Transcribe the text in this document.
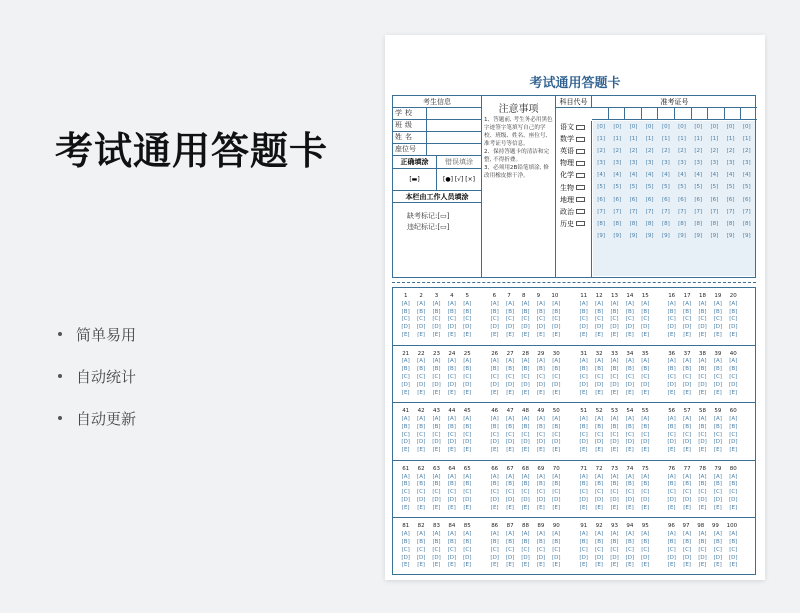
考试通用答题卡
简单易用
自动统计
自动更新
考试通用答题卡
考生信息
学校
班级
姓名
座位号
正确填涂	错误填涂
[▬]	[●] [√] [×]
本栏由工作人员填涂
缺考标记:[▭]
违纪标记:[▭]
注意事项
1、答题前, 考生务必用黑色字迹签字笔填写自己的学校、班级、姓名、座位号、准考证号等信息。
2、保持答题卡的清洁和完整, 不得折叠。
3、必须用2B铅笔填涂, 修改用橡皮擦干净。
科目代号	准考证号
语文
数学
英语
物理
化学
生物
地理
政治
历史
[0] [0] [0] [0] [0] [0] [0] [0] [0] [0]
[1] [1] [1] [1] [1] [1] [1] [1] [1] [1]
[2] [2] [2] [2] [2] [2] [2] [2] [2] [2]
[3] [3] [3] [3] [3] [3] [3] [3] [3] [3]
[4] [4] [4] [4] [4] [4] [4] [4] [4] [4]
[5] [5] [5] [5] [5] [5] [5] [5] [5] [5]
[6] [6] [6] [6] [6] [6] [6] [6] [6] [6]
[7] [7] [7] [7] [7] [7] [7] [7] [7] [7]
[8] [8] [8] [8] [8] [8] [8] [8] [8] [8]
[9] [9] [9] [9] [9] [9] [9] [9] [9] [9]
1 2 3 4 5
[A] [A] [A] [A] [A]
[B] [B] [B] [B] [B]
[C] [C] [C] [C] [C]
[D] [D] [D] [D] [D]
[E] [E] [E] [E] [E]
6 7 8 9 10
[A] [A] [A] [A] [A]
[B] [B] [B] [B] [B]
[C] [C] [C] [C] [C]
[D] [D] [D] [D] [D]
[E] [E] [E] [E] [E]
11 12 13 14 15
[A] [A] [A] [A] [A]
[B] [B] [B] [B] [B]
[C] [C] [C] [C] [C]
[D] [D] [D] [D] [D]
[E] [E] [E] [E] [E]
16 17 18 19 20
[A] [A] [A] [A] [A]
[B] [B] [B] [B] [B]
[C] [C] [C] [C] [C]
[D] [D] [D] [D] [D]
[E] [E] [E] [E] [E]
21 22 23 24 25
[A] [A] [A] [A] [A]
[B] [B] [B] [B] [B]
[C] [C] [C] [C] [C]
[D] [D] [D] [D] [D]
[E] [E] [E] [E] [E]
26 27 28 29 30
[A] [A] [A] [A] [A]
[B] [B] [B] [B] [B]
[C] [C] [C] [C] [C]
[D] [D] [D] [D] [D]
[E] [E] [E] [E] [E]
31 32 33 34 35
[A] [A] [A] [A] [A]
[B] [B] [B] [B] [B]
[C] [C] [C] [C] [C]
[D] [D] [D] [D] [D]
[E] [E] [E] [E] [E]
36 37 38 39 40
[A] [A] [A] [A] [A]
[B] [B] [B] [B] [B]
[C] [C] [C] [C] [C]
[D] [D] [D] [D] [D]
[E] [E] [E] [E] [E]
41 42 43 44 45
[A] [A] [A] [A] [A]
[B] [B] [B] [B] [B]
[C] [C] [C] [C] [C]
[D] [D] [D] [D] [D]
[E] [E] [E] [E] [E]
46 47 48 49 50
[A] [A] [A] [A] [A]
[B] [B] [B] [B] [B]
[C] [C] [C] [C] [C]
[D] [D] [D] [D] [D]
[E] [E] [E] [E] [E]
51 52 53 54 55
[A] [A] [A] [A] [A]
[B] [B] [B] [B] [B]
[C] [C] [C] [C] [C]
[D] [D] [D] [D] [D]
[E] [E] [E] [E] [E]
56 57 58 59 60
[A] [A] [A] [A] [A]
[B] [B] [B] [B] [B]
[C] [C] [C] [C] [C]
[D] [D] [D] [D] [D]
[E] [E] [E] [E] [E]
61 62 63 64 65
[A] [A] [A] [A] [A]
[B] [B] [B] [B] [B]
[C] [C] [C] [C] [C]
[D] [D] [D] [D] [D]
[E] [E] [E] [E] [E]
66 67 68 69 70
[A] [A] [A] [A] [A]
[B] [B] [B] [B] [B]
[C] [C] [C] [C] [C]
[D] [D] [D] [D] [D]
[E] [E] [E] [E] [E]
71 72 73 74 75
[A] [A] [A] [A] [A]
[B] [B] [B] [B] [B]
[C] [C] [C] [C] [C]
[D] [D] [D] [D] [D]
[E] [E] [E] [E] [E]
76 77 78 79 80
[A] [A] [A] [A] [A]
[B] [B] [B] [B] [B]
[C] [C] [C] [C] [C]
[D] [D] [D] [D] [D]
[E] [E] [E] [E] [E]
81 82 83 84 85
[A] [A] [A] [A] [A]
[B] [B] [B] [B] [B]
[C] [C] [C] [C] [C]
[D] [D] [D] [D] [D]
[E] [E] [E] [E] [E]
86 87 88 89 90
[A] [A] [A] [A] [A]
[B] [B] [B] [B] [B]
[C] [C] [C] [C] [C]
[D] [D] [D] [D] [D]
[E] [E] [E] [E] [E]
91 92 93 94 95
[A] [A] [A] [A] [A]
[B] [B] [B] [B] [B]
[C] [C] [C] [C] [C]
[D] [D] [D] [D] [D]
[E] [E] [E] [E] [E]
96 97 98 99 100
[A] [A] [A] [A] [A]
[B] [B] [B] [B] [B]
[C] [C] [C] [C] [C]
[D] [D] [D] [D] [D]
[E] [E] [E] [E] [E]
